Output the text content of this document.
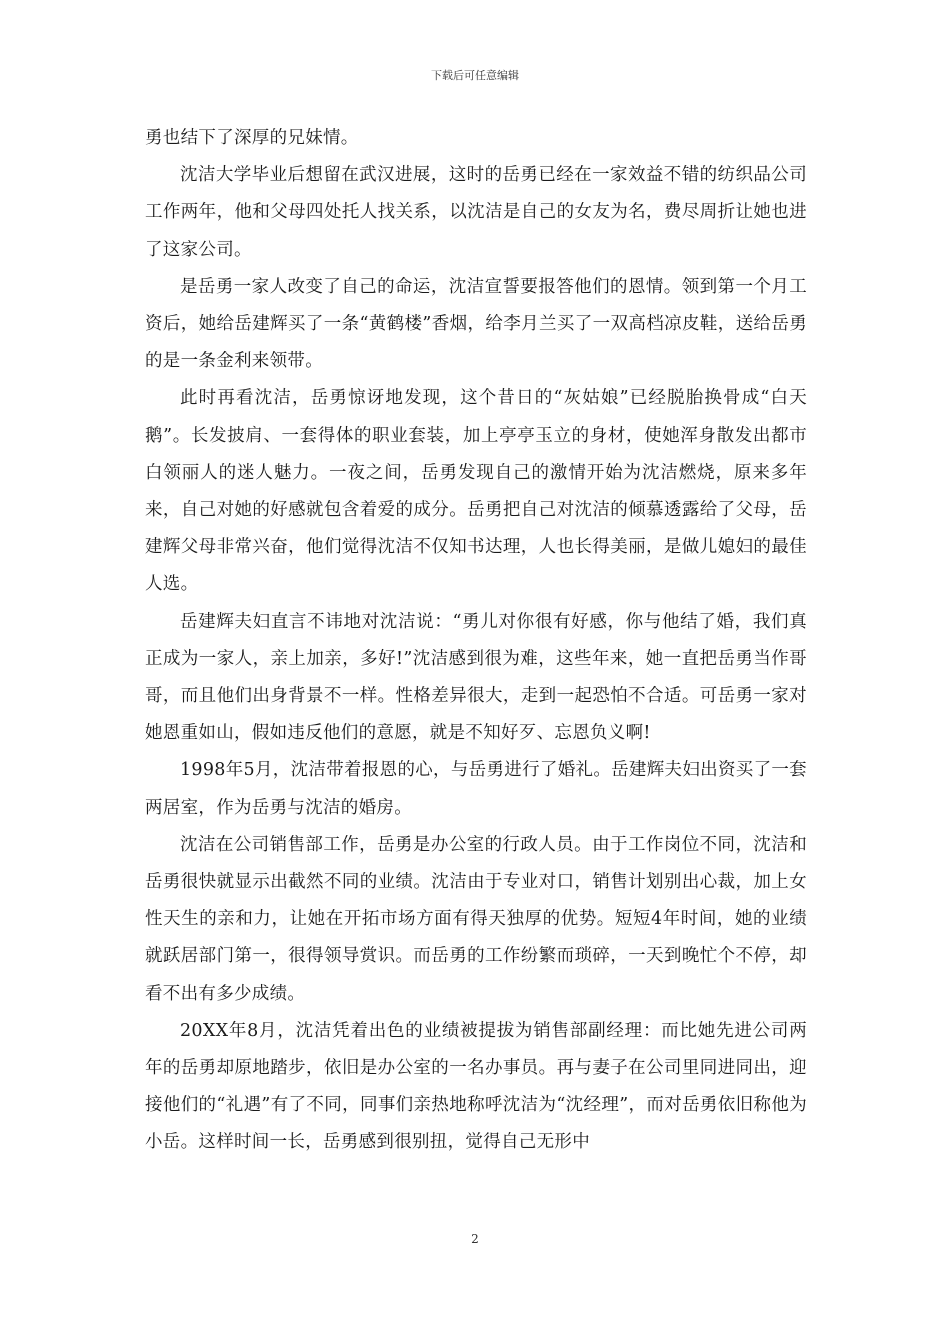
下载后可任意编辑

勇也结下了深厚的兄妹情。

沈洁大学毕业后想留在武汉进展，这时的岳勇已经在一家效益不错的纺织品公司工作两年，他和父母四处托人找关系，以沈洁是自己的女友为名，费尽周折让她也进了这家公司。

是岳勇一家人改变了自己的命运，沈洁宣誓要报答他们的恩情。领到第一个月工资后，她给岳建辉买了一条“黄鹤楼”香烟，给李月兰买了一双高档凉皮鞋，送给岳勇的是一条金利来领带。

此时再看沈洁，岳勇惊讶地发现，这个昔日的“灰姑娘”已经脱胎换骨成“白天鹅”。长发披肩、一套得体的职业套装，加上亭亭玉立的身材，使她浑身散发出都市白领丽人的迷人魅力。一夜之间，岳勇发现自己的激情开始为沈洁燃烧，原来多年来，自己对她的好感就包含着爱的成分。岳勇把自己对沈洁的倾慕透露给了父母，岳建辉父母非常兴奋，他们觉得沈洁不仅知书达理，人也长得美丽，是做儿媳妇的最佳人选。

岳建辉夫妇直言不讳地对沈洁说：“勇儿对你很有好感，你与他结了婚，我们真正成为一家人，亲上加亲，多好!”沈洁感到很为难，这些年来，她一直把岳勇当作哥哥，而且他们出身背景不一样。性格差异很大，走到一起恐怕不合适。可岳勇一家对她恩重如山，假如违反他们的意愿，就是不知好歹、忘恩负义啊!

1998年5月，沈洁带着报恩的心，与岳勇进行了婚礼。岳建辉夫妇出资买了一套两居室，作为岳勇与沈洁的婚房。

沈洁在公司销售部工作，岳勇是办公室的行政人员。由于工作岗位不同，沈洁和岳勇很快就显示出截然不同的业绩。沈洁由于专业对口，销售计划别出心裁，加上女性天生的亲和力，让她在开拓市场方面有得天独厚的优势。短短4年时间，她的业绩就跃居部门第一，很得领导赏识。而岳勇的工作纷繁而琐碎，一天到晚忙个不停，却看不出有多少成绩。

20XX年8月，沈洁凭着出色的业绩被提拔为销售部副经理：而比她先进公司两年的岳勇却原地踏步，依旧是办公室的一名办事员。再与妻子在公司里同进同出，迎接他们的“礼遇”有了不同，同事们亲热地称呼沈洁为“沈经理”，而对岳勇依旧称他为小岳。这样时间一长，岳勇感到很别扭，觉得自己无形中

2
